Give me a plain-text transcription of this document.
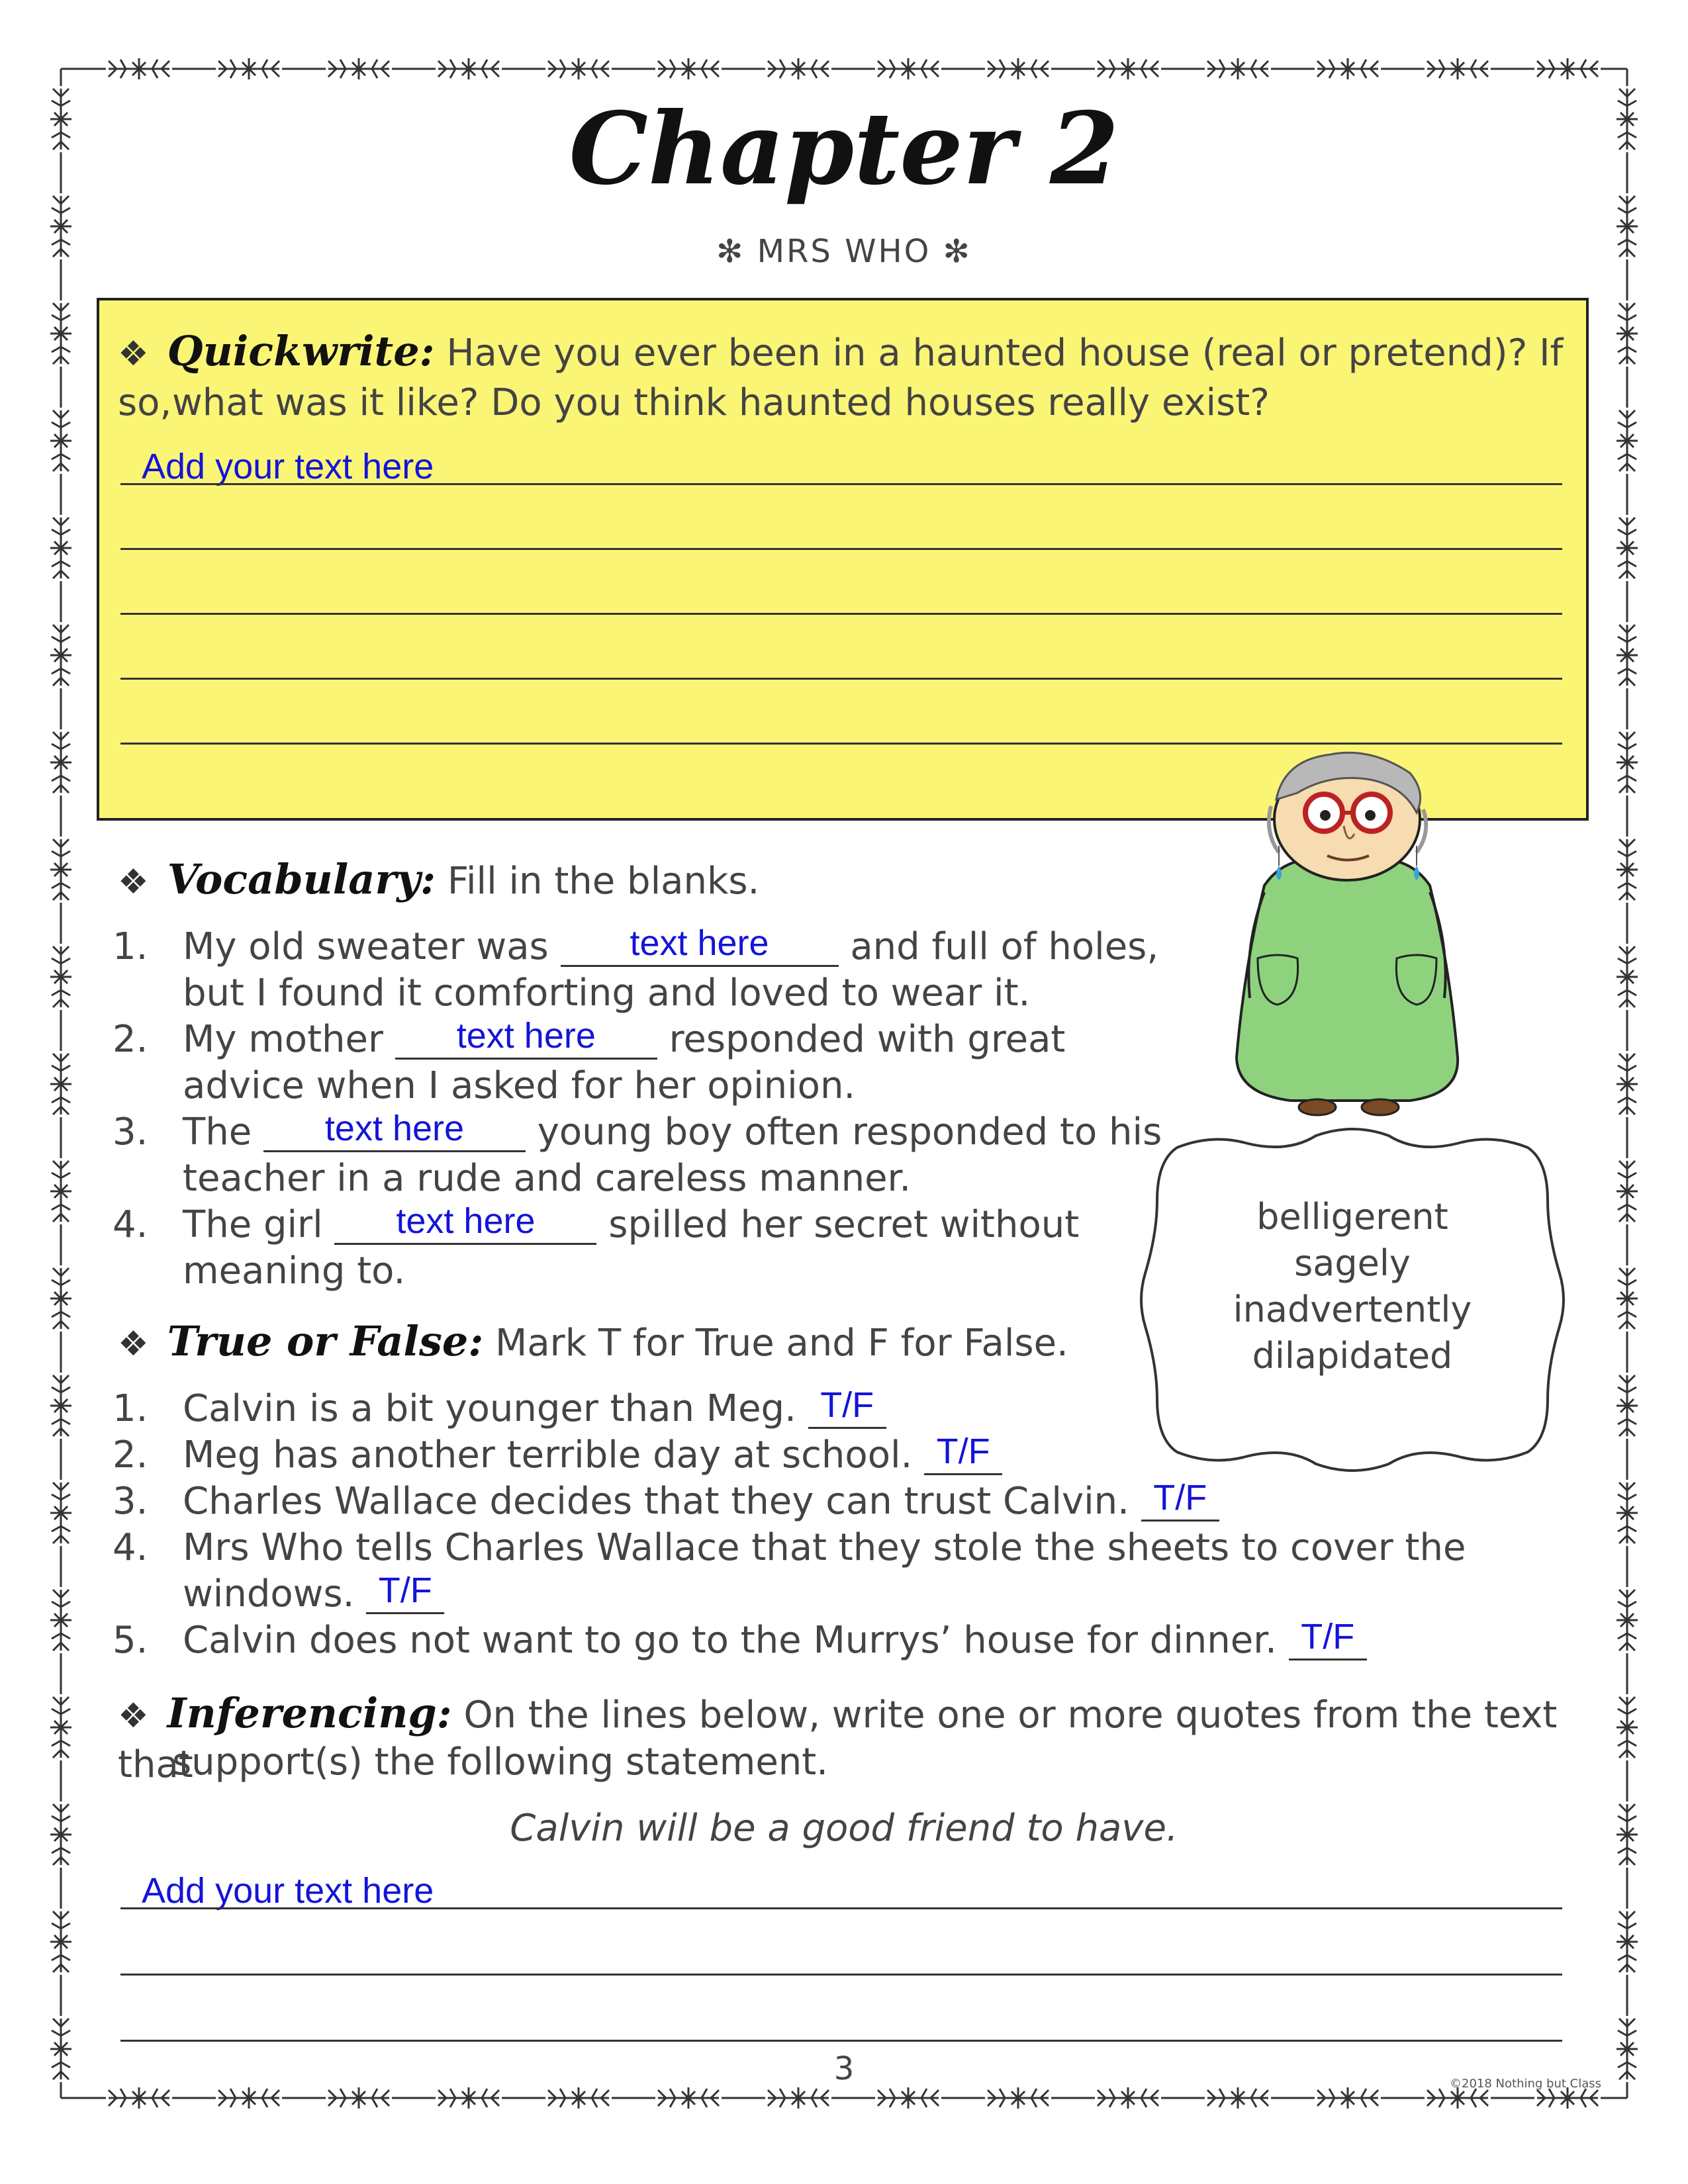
Chapter 2
✻ MRS WHO ✻
❖ Quickwrite: Have you ever been in a haunted house (real or pretend)? If so, what was it like? Do you think haunted houses really exist?
Add your text here
❖ Vocabulary: Fill in the blanks.
1. My old sweater was text here and full of holes,
but I found it comforting and loved to wear it.
2. My mother text here responded with great
advice when I asked for her opinion.
3. The text here young boy often responded to his
teacher in a rude and careless manner.
4. The girl text here spilled her secret without
meaning to.
belligerent
sagely
inadvertently
dilapidated
❖ True or False: Mark T for True and F for False.
1. Calvin is a bit younger than Meg. T/F
2. Meg has another terrible day at school. T/F
3. Charles Wallace decides that they can trust Calvin. T/F
4. Mrs Who tells Charles Wallace that they stole the sheets to cover the
windows. T/F
5. Calvin does not want to go to the Murrys’ house for dinner. T/F
❖ Inferencing: On the lines below, write one or more quotes from the text that
support(s) the following statement.
Calvin will be a good friend to have.
Add your text here
3	©2018 Nothing but Class
